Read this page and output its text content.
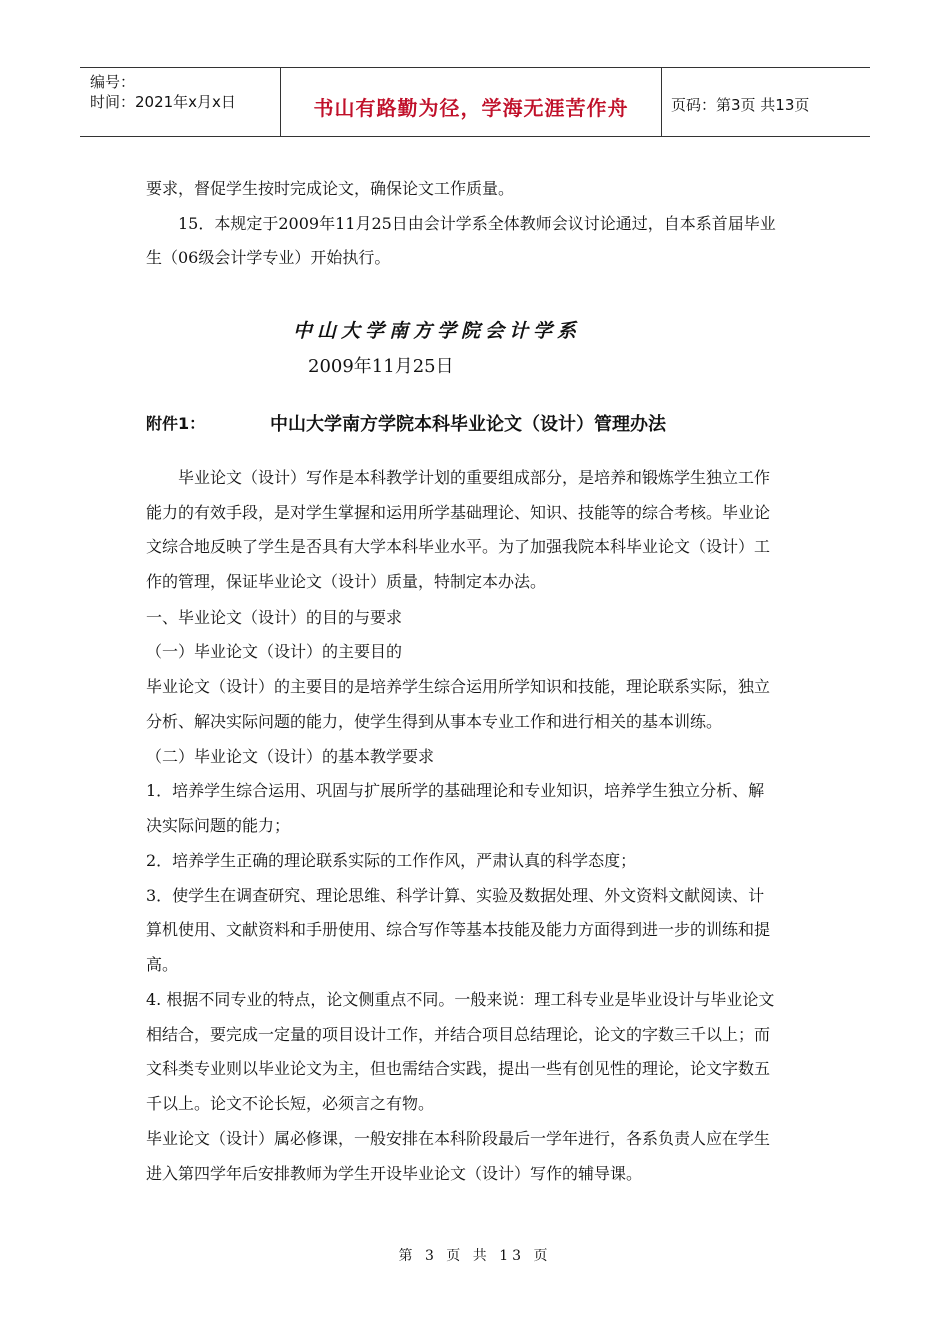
编号：
时间：2021年x月x日	书山有路勤为径，学海无涯苦作舟	页码：第3页 共13页
要求，督促学生按时完成论文，确保论文工作质量。
15．本规定于2009年11月25日由会计学系全体教师会议讨论通过，自本系首届毕业
生（06级会计学专业）开始执行。
中山大学南方学院会计学系
2009年11月25日
附件1：	中山大学南方学院本科毕业论文（设计）管理办法
毕业论文（设计）写作是本科教学计划的重要组成部分，是培养和锻炼学生独立工作
能力的有效手段，是对学生掌握和运用所学基础理论、知识、技能等的综合考核。毕业论
文综合地反映了学生是否具有大学本科毕业水平。为了加强我院本科毕业论文（设计）工
作的管理，保证毕业论文（设计）质量，特制定本办法。
一、毕业论文（设计）的目的与要求
（一）毕业论文（设计）的主要目的
毕业论文（设计）的主要目的是培养学生综合运用所学知识和技能，理论联系实际，独立
分析、解决实际问题的能力，使学生得到从事本专业工作和进行相关的基本训练。
（二）毕业论文（设计）的基本教学要求
1．培养学生综合运用、巩固与扩展所学的基础理论和专业知识，培养学生独立分析、解
决实际问题的能力；
2．培养学生正确的理论联系实际的工作作风，严肃认真的科学态度；
3．使学生在调查研究、理论思维、科学计算、实验及数据处理、外文资料文献阅读、计
算机使用、文献资料和手册使用、综合写作等基本技能及能力方面得到进一步的训练和提
高。
4. 根据不同专业的特点，论文侧重点不同。一般来说：理工科专业是毕业设计与毕业论文
相结合，要完成一定量的项目设计工作，并结合项目总结理论，论文的字数三千以上；而
文科类专业则以毕业论文为主，但也需结合实践，提出一些有创见性的理论，论文字数五
千以上。论文不论长短，必须言之有物。
毕业论文（设计）属必修课，一般安排在本科阶段最后一学年进行，各系负责人应在学生
进入第四学年后安排教师为学生开设毕业论文（设计）写作的辅导课。
第 3 页 共 13 页
